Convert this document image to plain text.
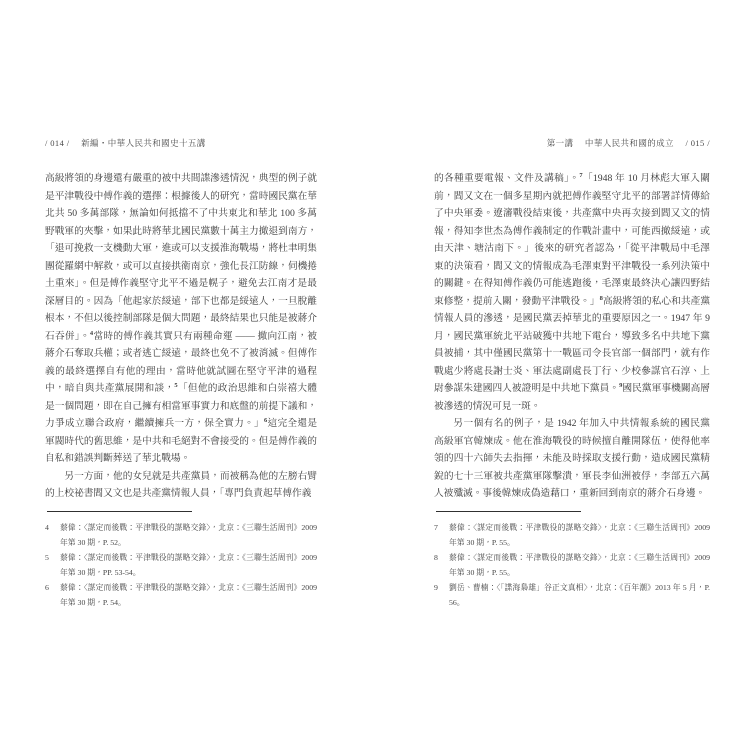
/ 014 / 新編・中華人民共和國史十五講

高級將領的身邊還有嚴重的被中共間諜滲透情況，典型的例子就是平津戰役中傅作義的選擇：根據後人的研究，當時國民黨在華北共 50 多萬部隊，無論如何抵擋不了中共東北和華北 100 多萬野戰軍的夾擊，如果此時將華北國民黨數十萬主力撤退到南方，「退可挽救一支機動大軍，進或可以支援淮海戰場，將杜聿明集團從羅網中解救，或可以直接拱衛南京，強化長江防線，伺機捲土重來」。但是傅作義堅守北平不過是幌子，避免去江南才是最深層目的。因為「他起家於綏遠，部下也都是綏遠人，一旦脫離根本，不但以後控制部隊是個大問題，最終結果也只能是被蔣介石吞併」。$^4$當時的傅作義其實只有兩種命運 —— 撤向江南，被蔣介石奪取兵權；或者逃亡綏遠，最終也免不了被消滅。但傅作義的最終選擇自有他的理由，當時他就試圖在堅守平津的過程中，暗自與共產黨展開和談，$^5$「但他的政治思維和白崇禧大體是一個問題，即在自己擁有相當軍事實力和底盤的前提下議和，力爭成立聯合政府，繼續擁兵一方，保全實力。」$^6$這完全還是軍閥時代的舊思維，是中共和毛絕對不會接受的。但是傅作義的自私和錯誤判斷葬送了華北戰場。

另一方面，他的女兒就是共產黨員，而被稱為他的左膀右臂的上校祕書閻又文也是共產黨情報人員，「專門負責起草傅作義

4	蔡偉：〈謀定而後戰：平津戰役的謀略交鋒〉，北京：《三聯生活周刊》2009 年第 30 期，P. 52。
5	蔡偉：〈謀定而後戰：平津戰役的謀略交鋒〉，北京：《三聯生活周刊》2009 年第 30 期，PP. 53-54。
6	蔡偉：〈謀定而後戰：平津戰役的謀略交鋒〉，北京：《三聯生活周刊》2009 年第 30 期，P. 54。
第一講 中華人民共和國的成立 / 015 /

的各種重要電報、文件及講稿」。$^7$「1948 年 10 月林彪大軍入關前，閻又文在一個多星期內就把傅作義堅守北平的部署詳情傳給了中央軍委。遼瀋戰役結束後，共產黨中央再次接到閻又文的情報，得知李世杰為傅作義制定的作戰計畫中，可能西撤綏遠，或由天津、塘沽南下。」後來的研究者認為，「從平津戰局中毛澤東的決策看，閻又文的情報成為毛澤東對平津戰役一系列決策中的關鍵。在得知傅作義仍可能逃跑後，毛澤東最終決心讓四野結束修整，提前入關，發動平津戰役。」$^8$高級將領的私心和共產黨情報人員的滲透，是國民黨丟掉華北的重要原因之一。1947 年 9 月，國民黨軍統北平站破獲中共地下電台，導致多名中共地下黨員被捕，其中僅國民黨第十一戰區司令長官部一個部門，就有作戰處少將處長謝士炎、軍法處副處長丁行、少校參謀官石淳、上尉參謀朱建國四人被證明是中共地下黨員。$^9$國民黨軍事機關高層被滲透的情況可見一斑。

另一個有名的例子，是 1942 年加入中共情報系統的國民黨高級軍官韓煉成。他在淮海戰役的時候擅自離開隊伍，使得他率領的四十六師失去指揮，未能及時採取支援行動，造成國民黨精銳的七十三軍被共產黨軍隊擊潰，軍長李仙洲被俘，李部五六萬人被殲滅。事後韓煉成偽造藉口，重新回到南京的蔣介石身邊。

7	蔡偉：〈謀定而後戰：平津戰役的謀略交鋒〉，北京：《三聯生活周刊》2009 年第 30 期，P. 55。
8	蔡偉：〈謀定而後戰：平津戰役的謀略交鋒〉，北京：《三聯生活周刊》2009 年第 30 期，P. 55。
9	劉岳、曹楠：〈「諜海梟雄」谷正文真相〉，北京：《百年潮》2013 年 5 月，P. 56。
